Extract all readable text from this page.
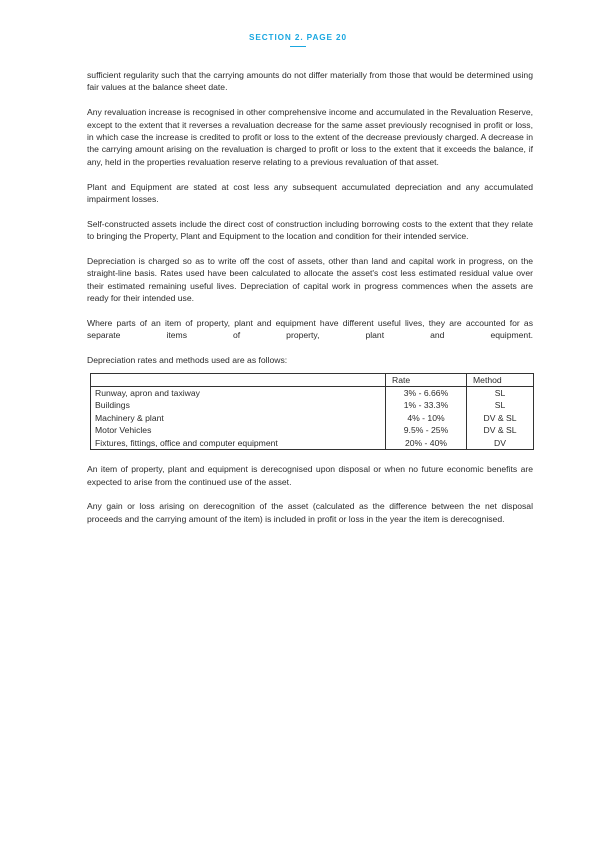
SECTION 2. PAGE 20

sufficient regularity such that the carrying amounts do not differ materially from those that would be determined using fair values at the balance sheet date.

Any revaluation increase is recognised in other comprehensive income and accumulated in the Revaluation Reserve, except to the extent that it reverses a revaluation decrease for the same asset previously recognised in profit or loss, in which case the increase is credited to profit or loss to the extent of the decrease previously charged. A decrease in the carrying amount arising on the revaluation is charged to profit or loss to the extent that it exceeds the balance, if any, held in the properties revaluation reserve relating to a previous revaluation of that asset.

Plant and Equipment are stated at cost less any subsequent accumulated depreciation and any accumulated impairment losses.

Self-constructed assets include the direct cost of construction including borrowing costs to the extent that they relate to bringing the Property, Plant and Equipment to the location and condition for their intended service.

Depreciation is charged so as to write off the cost of assets, other than land and capital work in progress, on the straight-line basis. Rates used have been calculated to allocate the asset's cost less estimated residual value over their estimated remaining useful lives. Depreciation of capital work in progress commences when the assets are ready for their intended use.

Where parts of an item of property, plant and equipment have different useful lives, they are accounted for as separate items of property, plant and equipment.

Depreciation rates and methods used are as follows:

	Rate	Method
Runway, apron and taxiway	3% - 6.66%	SL
Buildings	1% - 33.3%	SL
Machinery & plant	4% - 10%	DV & SL
Motor Vehicles	9.5% - 25%	DV & SL
Fixtures, fittings, office and computer equipment	20% - 40%	DV

An item of property, plant and equipment is derecognised upon disposal or when no future economic benefits are expected to arise from the continued use of the asset.

Any gain or loss arising on derecognition of the asset (calculated as the difference between the net disposal proceeds and the carrying amount of the item) is included in profit or loss in the year the item is derecognised.
